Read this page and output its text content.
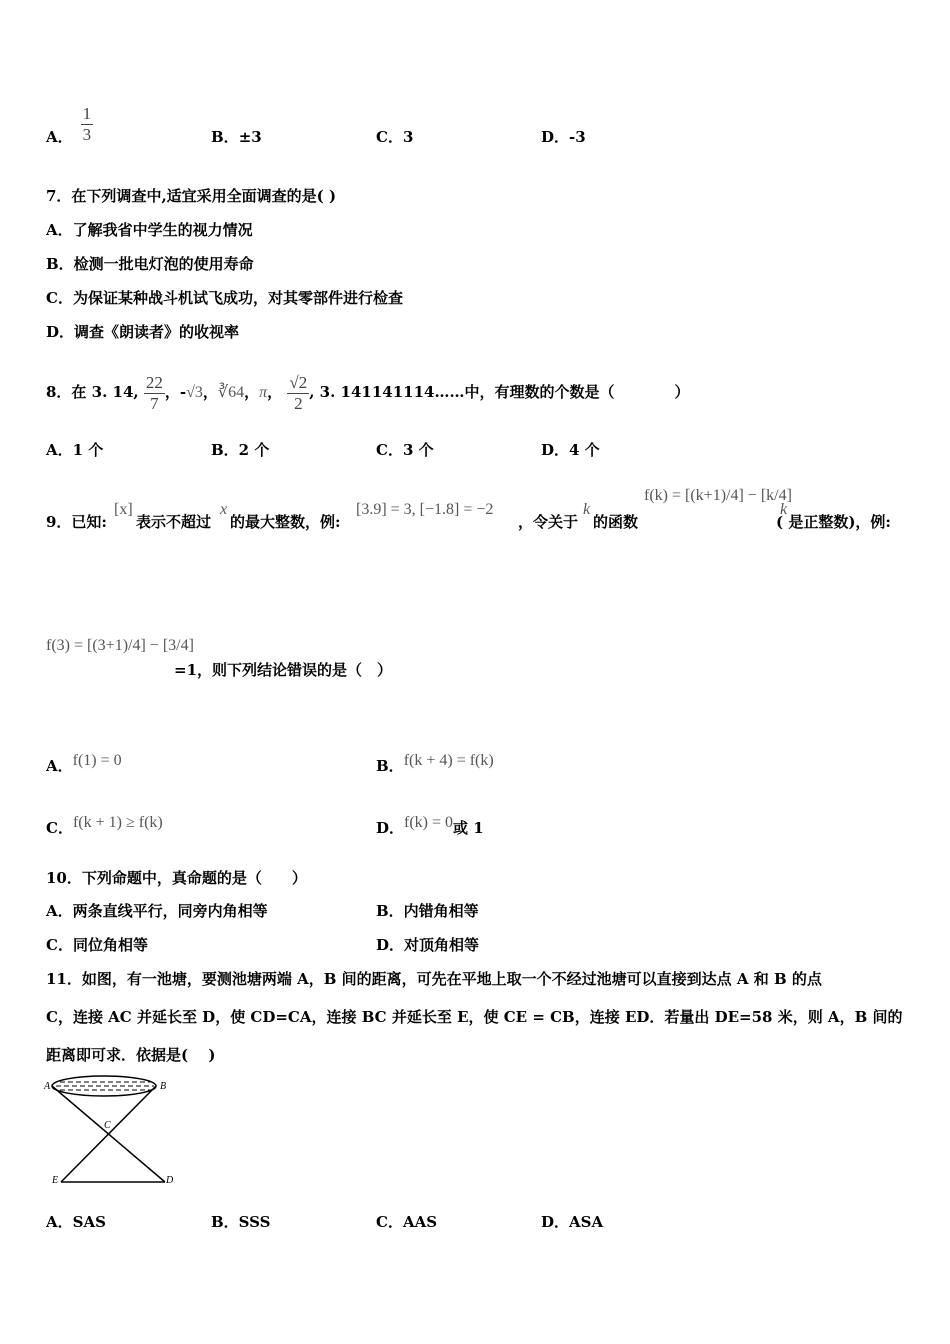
A． $\frac{1}{3}$	B．±3	C．3	D．-3
7．在下列调查中,适宜采用全面调查的是( )
A．了解我省中学生的视力情况
B．检测一批电灯泡的使用寿命
C．为保证某种战斗机试飞成功，对其零部件进行检查
D．调查《朗读者》的收视率
8．在 3. 14, $\frac{22}{7}$ ，-√3，∛64，π， $\frac{√2}{2}$ , 3. 141141114……中，有理数的个数是（　　　　）
A．1 个	B．2 个	C．3 个	D．4 个
9．已知:
[x]
表示不超过
x
的最大整数，例:
[3.9] = 3, [−1.8] = −2
，令关于
k
的函数
f(k) = [(k+1)/4] − [k/4]
k
( 是正整数)，例:
f(3) = [(3+1)/4] − [3/4]
=1，则下列结论错误的是（　）
A．f(1) = 0	B．f(k + 4) = f(k)
C．f(k + 1) ≥ f(k)	D．f(k) = 0或 1
10．下列命题中，真命题的是（　　）
A．两条直线平行，同旁内角相等	B．内错角相等
C．同位角相等	D．对顶角相等
11．如图，有一池塘，要测池塘两端 A，B 间的距离，可先在平地上取一个不经过池塘可以直接到达点 A 和 B 的点
C，连接 AC 并延长至 D，使 CD=CA，连接 BC 并延长至 E，使 CE = CB，连接 ED．若量出 DE=58 米，则 A，B 间的
距离即可求．依据是(　 )
A	B
C
E	D
A．SAS	B．SSS	C．AAS	D．ASA
